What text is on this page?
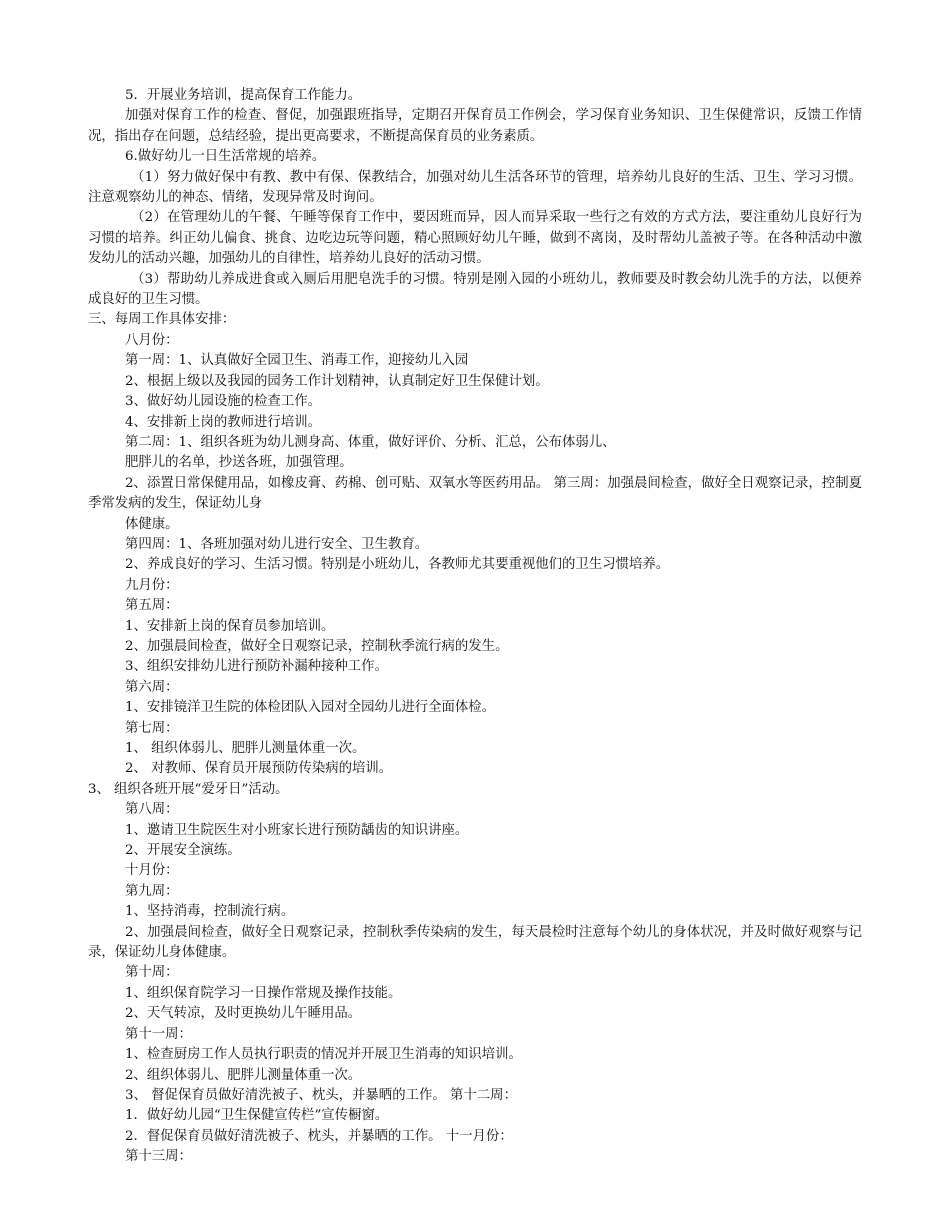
5．开展业务培训，提高保育工作能力。

加强对保育工作的检查、督促，加强跟班指导，定期召开保育员工作例会，学习保育业务知识、卫生保健常识，反馈工作情况，指出存在问题，总结经验，提出更高要求，不断提高保育员的业务素质。

6.做好幼儿一日生活常规的培养。

（1）努力做好保中有教、教中有保、保教结合，加强对幼儿生活各环节的管理，培养幼儿良好的生活、卫生、学习习惯。注意观察幼儿的神态、情绪，发现异常及时询问。

（2）在管理幼儿的午餐、午睡等保育工作中，要因班而异，因人而异采取一些行之有效的方式方法，要注重幼儿良好行为习惯的培养。纠正幼儿偏食、挑食、边吃边玩等问题，精心照顾好幼儿午睡，做到不离岗，及时帮幼儿盖被子等。在各种活动中激发幼儿的活动兴趣，加强幼儿的自律性，培养幼儿良好的活动习惯。

（3）帮助幼儿养成进食或入厕后用肥皂洗手的习惯。特别是刚入园的小班幼儿，教师要及时教会幼儿洗手的方法，以便养成良好的卫生习惯。

三、每周工作具体安排：

八月份：

第一周：1、认真做好全园卫生、消毒工作，迎接幼儿入园

2、根据上级以及我园的园务工作计划精神，认真制定好卫生保健计划。

3、做好幼儿园设施的检查工作。

4、安排新上岗的教师进行培训。

第二周：1、组织各班为幼儿测身高、体重，做好评价、分析、汇总，公布体弱儿、

肥胖儿的名单，抄送各班，加强管理。

2、添置日常保健用品，如橡皮膏、药棉、创可贴、双氧水等医药用品。 第三周：加强晨间检查，做好全日观察记录，控制夏季常发病的发生，保证幼儿身

体健康。

第四周：1、各班加强对幼儿进行安全、卫生教育。

2、养成良好的学习、生活习惯。特别是小班幼儿，各教师尤其要重视他们的卫生习惯培养。

九月份：

第五周：

1、安排新上岗的保育员参加培训。

2、加强晨间检查，做好全日观察记录，控制秋季流行病的发生。

3、组织安排幼儿进行预防补漏种接种工作。

第六周：

1、安排镜洋卫生院的体检团队入园对全园幼儿进行全面体检。

第七周：

1、 组织体弱儿、肥胖儿测量体重一次。

2、 对教师、保育员开展预防传染病的培训。

3、 组织各班开展“爱牙日”活动。

第八周：

1、邀请卫生院医生对小班家长进行预防龋齿的知识讲座。

2、开展安全演练。

十月份：

第九周：

1、坚持消毒，控制流行病。

2、加强晨间检查，做好全日观察记录，控制秋季传染病的发生，每天晨检时注意每个幼儿的身体状况，并及时做好观察与记录，保证幼儿身体健康。

第十周：

1、组织保育院学习一日操作常规及操作技能。

2、天气转凉，及时更换幼儿午睡用品。

第十一周：

1、检查厨房工作人员执行职责的情况并开展卫生消毒的知识培训。

2、组织体弱儿、肥胖儿测量体重一次。

3、 督促保育员做好清洗被子、枕头，并暴晒的工作。 第十二周：

1．做好幼儿园“卫生保健宣传栏”宣传橱窗。

2．督促保育员做好清洗被子、枕头，并暴晒的工作。 十一月份：

第十三周：
